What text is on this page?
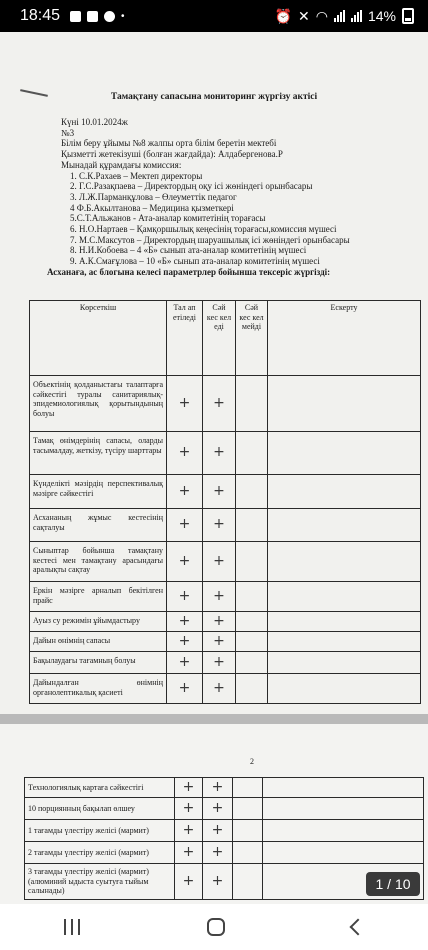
18:45	•	⏰ ✕ ◠	14%
Тамақтану сапасына мониторинг жүргізу актісі
Күні 10.01.2024ж
№3
Білім беру ұйымы №8 жалпы орта білім беретін мектебі
Қызметті жетекізуші (болған жағдайда): Алдабергенова.Р
Мынадай құрамдағы комиссия:
1. С.К.Рахаев – Мектеп директоры
2. Г.С.Разақпаева – Директордың оқу ісі жөніндегі орынбасары
3. Л.Ж.Парманқұлова – Өлеуметтік педагог
4 Ф.Б.Акылтанова – Медицина қызметкері
5.С.Т.Альжанов - Ата-аналар комитетінің торағасы
6. Н.О.Нартаев – Қамқоршылық кеңесінің торағасы,комиссия мүшесі
7. М.С.Максутов – Директордың шаруашылық ісі жөніндегі орынбасары
8. Н.И.Кобоева – 4 «Б» сынып ата-аналар комитетінің мүшесі
9. А.К.Смағұлова – 10 «Б» сынып ата-аналар комитетінің мүшесі
Асханаға, ас блогына келесі параметрлер бойынша тексеріс жүргізді:
Көрсеткіш	Тал ап етіледі	Сәй кес кел еді	Сәй кес кел мейді	Ескерту
Объектінің қолданыстағы талаптарға сәйкестігі туралы санитариялық-эпидемиологиялық қорытындының болуы	+	+		
Тамақ өнімдерінің сапасы, оларды тасымалдау, жеткізу, түсіру шарттары	+	+		
Күнделікті мәзірдің перспективалық мәзірге сәйкестігі	+	+		
Асхананың жұмыс кестесінің сақталуы	+	+		
Сыныптар бойынша тамақтану кестесі мен тамақтану арасындағы аралықты сақтау	+	+		
Еркін мәзірге арналып бекітілген прайс	+	+		
Ауыз су режимін ұйымдастыру	+	+		
Дайын өнімнің сапасы	+	+		
Бақылаудағы тағамның болуы	+	+		
Дайындалған өнімнің органолептикалық қасиеті	+	+		
2
Технологиялық картаға сәйкестігі	+	+		
10 порциянның бақылап өлшеу	+	+		
1 тағамды үлестіру желісі (мармит)	+	+		
2 тағамды үлестіру желісі (мармит)	+	+		
3 тағамды үлестіру желісі (мармит) (алюминий ыдыста суытуға тыйым салынады)	+	+			1 / 10
